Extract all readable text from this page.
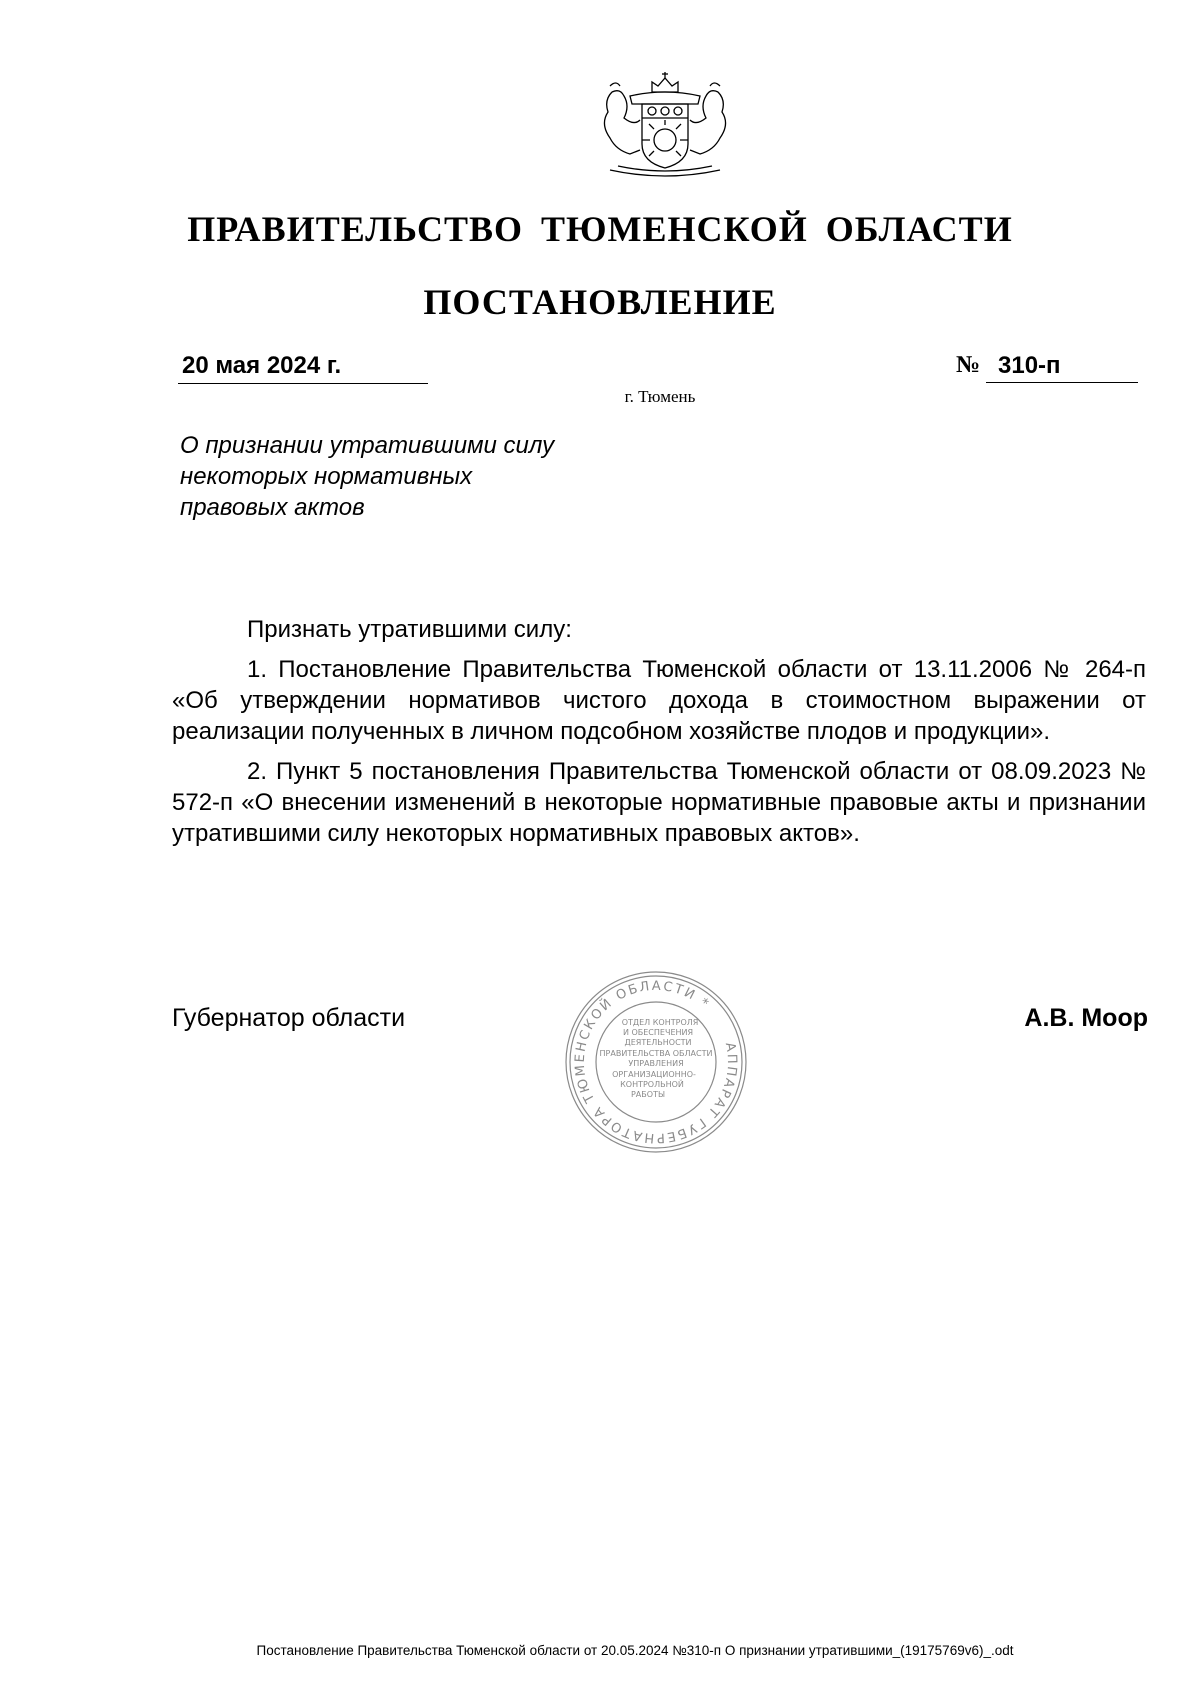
ПРАВИТЕЛЬСТВО ТЮМЕНСКОЙ ОБЛАСТИ
ПОСТАНОВЛЕНИЕ
20 мая 2024 г.	№ 310-п
г. Тюмень
О признании утратившими силу
некоторых нормативных
правовых актов

Признать утратившими силу:

1. Постановление Правительства Тюменской области от 13.11.2006 № 264-п «Об утверждении нормативов чистого дохода в стоимостном выражении от реализации полученных в личном подсобном хозяйстве плодов и продукции».

2. Пункт 5 постановления Правительства Тюменской области от 08.09.2023 № 572-п «О внесении изменений в некоторые нормативные правовые акты и признании утратившими силу некоторых нормативных правовых актов».

Губернатор области
АППАРАТ ГУБЕРНАТОРА ТЮМЕНСКОЙ ОБЛАСТИ *
ОТДЕЛ КОНТРОЛЯ
И ОБЕСПЕЧЕНИЯ
ДЕЯТЕЛЬНОСТИ
ПРАВИТЕЛЬСТВА ОБЛАСТИ
УПРАВЛЕНИЯ
ОРГАНИЗАЦИОННО-
КОНТРОЛЬНОЙ
РАБОТЫ
А.В. Моор
Постановление Правительства Тюменской области от 20.05.2024 №310-п О признании утратившими_(19175769v6)_.odt
